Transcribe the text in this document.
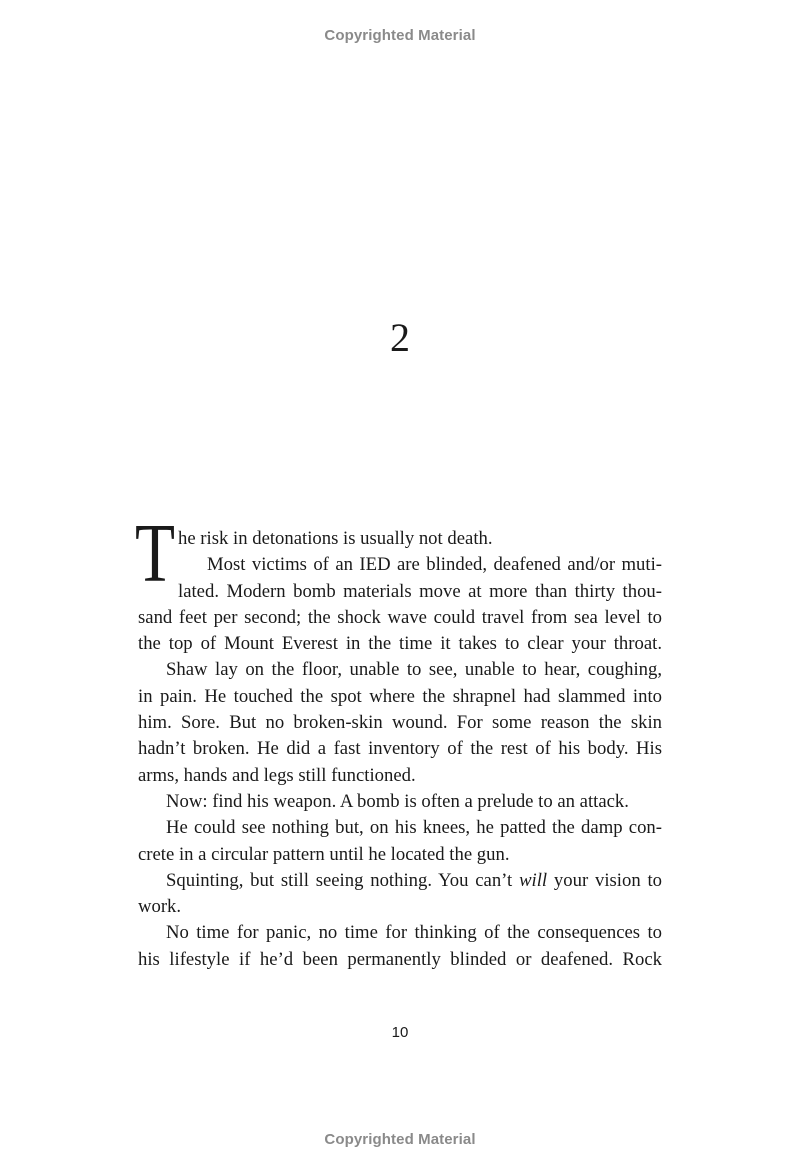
Copyrighted Material
2
T he risk in detonations is usually not death.
Most victims of an IED are blinded, deafened and/or muti-
lated. Modern bomb materials move at more than thirty thou-
sand feet per second; the shock wave could travel from sea level to
the top of Mount Everest in the time it takes to clear your throat.
Shaw lay on the floor, unable to see, unable to hear, coughing,
in pain. He touched the spot where the shrapnel had slammed into
him. Sore. But no broken-skin wound. For some reason the skin
hadn’t broken. He did a fast inventory of the rest of his body. His
arms, hands and legs still functioned.
Now: find his weapon. A bomb is often a prelude to an attack.
He could see nothing but, on his knees, he patted the damp con-
crete in a circular pattern until he located the gun.
Squinting, but still seeing nothing. You can’t will your vision to
work.
No time for panic, no time for thinking of the consequences to
his lifestyle if he’d been permanently blinded or deafened. Rock
10
Copyrighted Material
